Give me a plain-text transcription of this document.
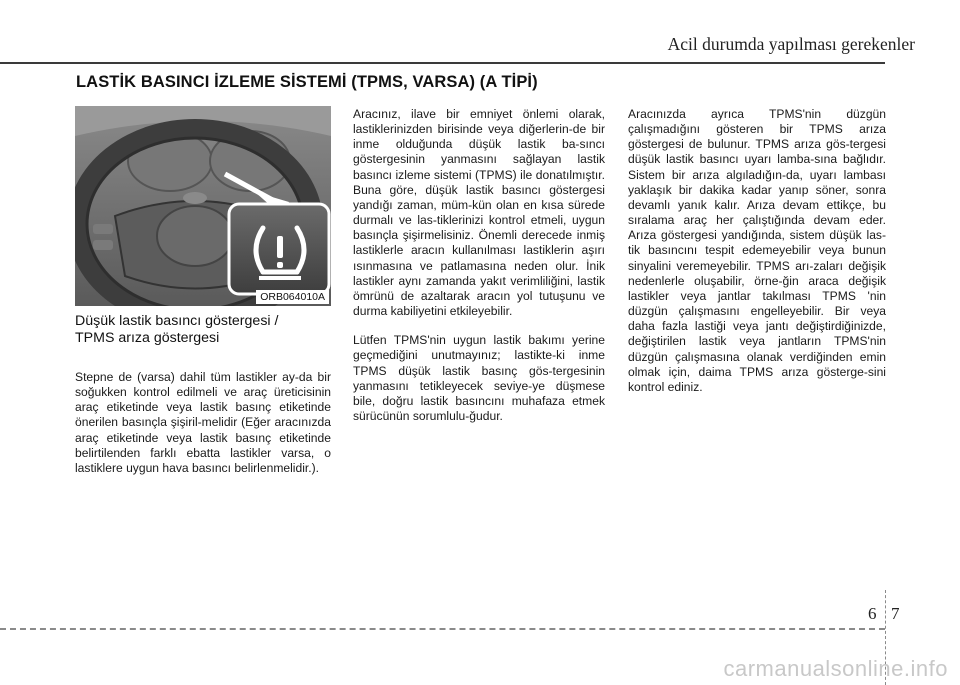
Acil durumda yapılması gerekenler
LASTİK BASINCI İZLEME SİSTEMİ (TPMS, VARSA) (A TİPİ)
ORB064010A
Düşük lastik basıncı göstergesi /
TPMS arıza göstergesi

Stepne de (varsa) dahil tüm lastikler ay-da bir soğukken kontrol edilmeli ve araç üreticisinin araç etiketinde veya lastik basınç etiketinde önerilen basınçla şişiril-melidir (Eğer aracınızda araç etiketinde veya lastik basınç etiketinde belirtilenden farklı ebatta lastikler varsa, o lastiklere uygun hava basıncı belirlenmelidir.).

Aracınız, ilave bir emniyet önlemi olarak, lastiklerinizden birisinde veya diğerlerin-de bir inme olduğunda düşük lastik ba-sıncı göstergesinin yanmasını sağlayan lastik basıncı izleme sistemi (TPMS) ile donatılmıştır. Buna göre, düşük lastik basıncı göstergesi yandığı zaman, müm-kün olan en kısa sürede durmalı ve las-tiklerinizi kontrol etmeli, uygun basınçla şişirmelisiniz. Önemli derecede inmiş lastiklerle aracın kullanılması lastiklerin aşırı ısınmasına ve patlamasına neden olur. İnik lastikler aynı zamanda yakıt verimliliğini, lastik ömrünü de azaltarak aracın yol tutuşunu ve durma kabiliyetini etkileyebilir.

Lütfen TPMS'nin uygun lastik bakımı yerine geçmediğini unutmayınız; lastikte-ki inme TPMS düşük lastik basınç gös-tergesinin yanmasını tetikleyecek seviye-ye düşmese bile, doğru lastik basıncını muhafaza etmek sürücünün sorumlulu-ğudur.

Aracınızda ayrıca TPMS'nin düzgün çalışmadığını gösteren bir TPMS arıza göstergesi de bulunur. TPMS arıza gös-tergesi düşük lastik basıncı uyarı lamba-sına bağlıdır. Sistem bir arıza algıladığın-da, uyarı lambası yaklaşık bir dakika kadar yanıp söner, sonra devamlı yanık kalır. Arıza devam ettikçe, bu sıralama araç her çalıştığında devam eder. Arıza göstergesi yandığında, sistem düşük las-tik basıncını tespit edemeyebilir veya bunun sinyalini veremeyebilir. TPMS arı-zaları değişik nedenlerle oluşabilir, örne-ğin araca değişik lastikler veya jantlar takılması TPMS 'nin düzgün çalışmasını engelleyebilir. Bir veya daha fazla lastiği veya jantı değiştirdiğinizde, değiştirilen lastik veya jantların TPMS'nin düzgün çalışmasına olanak verdiğinden emin olmak için, daima TPMS arıza gösterge-sini kontrol ediniz.

6 7
carmanualsonline.info
